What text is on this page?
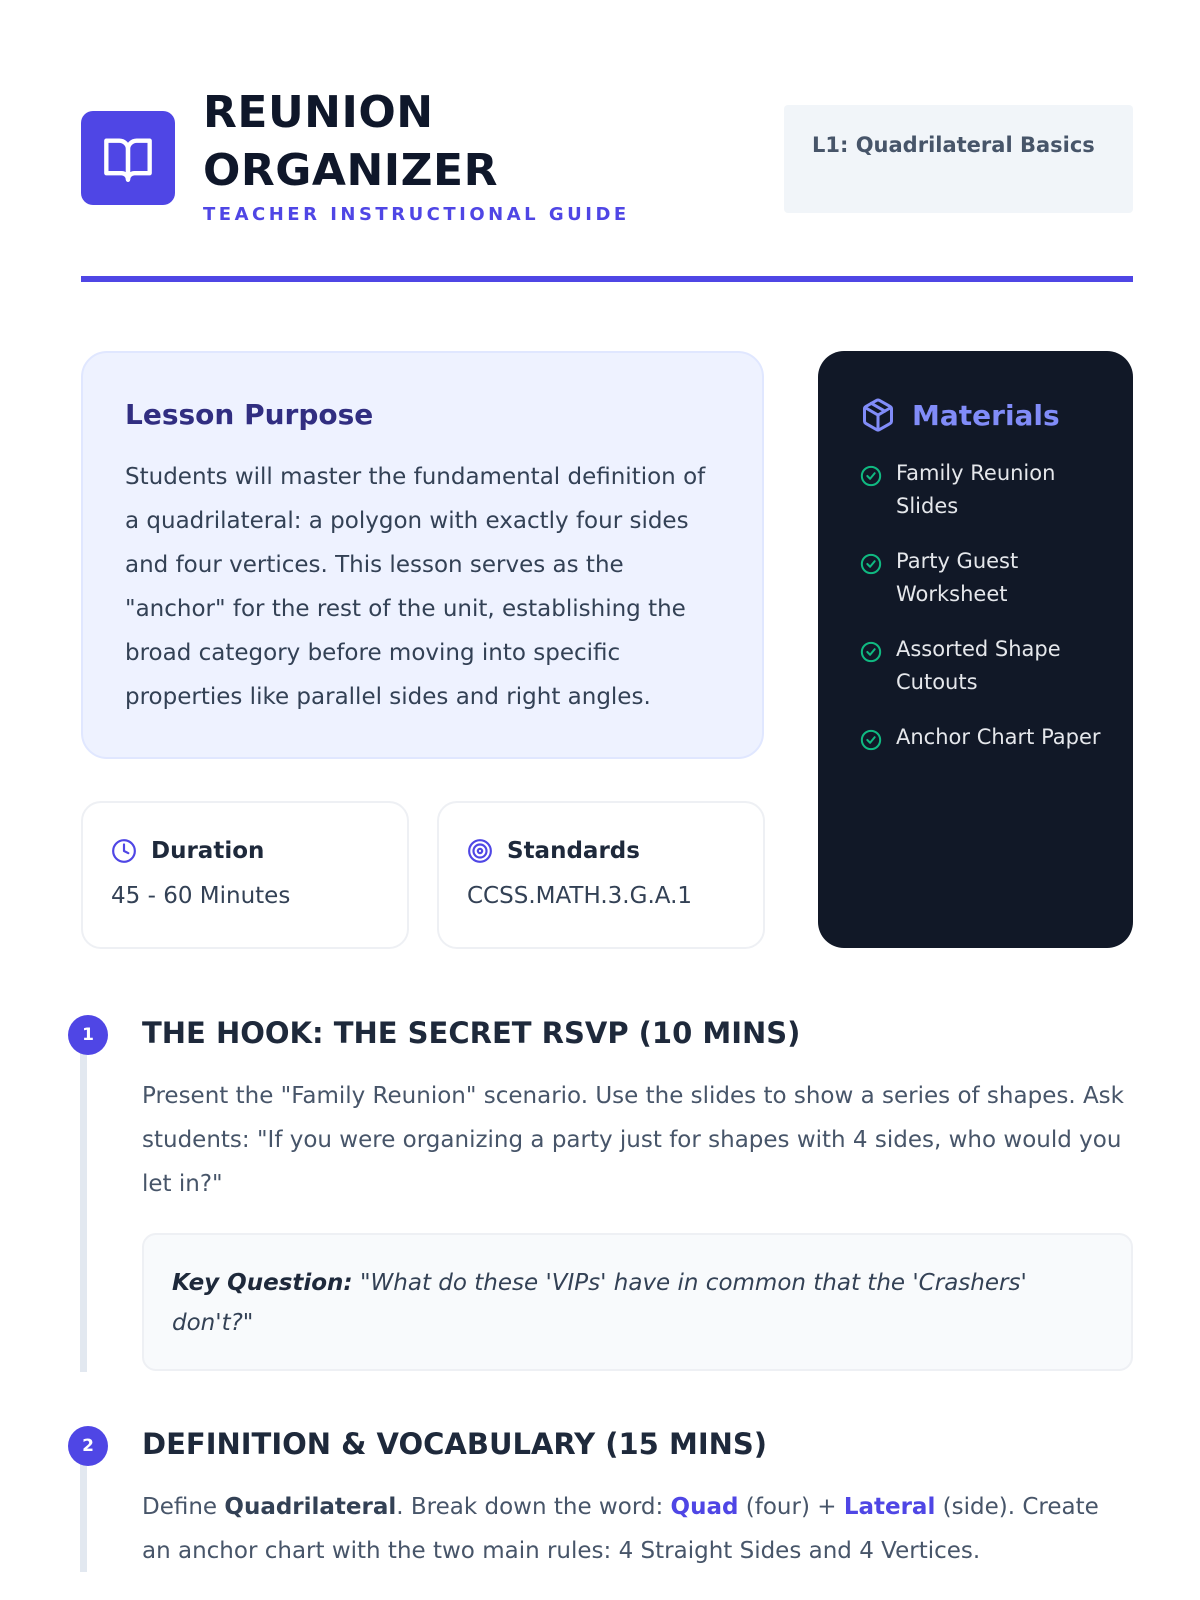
REUNION
ORGANIZER
TEACHER INSTRUCTIONAL GUIDE
L1: Quadrilateral Basics
Lesson Purpose
Students will master the fundamental definition of a quadrilateral: a polygon with exactly four sides and four vertices. This lesson serves as the "anchor" for the rest of the unit, establishing the broad category before moving into specific properties like parallel sides and right angles.
Duration
45 - 60 Minutes
Standards
CCSS.MATH.3.G.A.1
Materials
Family Reunion Slides
Party Guest Worksheet
Assorted Shape Cutouts
Anchor Chart Paper
1	THE HOOK: THE SECRET RSVP (10 MINS)
Present the "Family Reunion" scenario. Use the slides to show a series of shapes. Ask students: "If you were organizing a party just for shapes with 4 sides, who would you let in?"
Key Question: "What do these 'VIPs' have in common that the 'Crashers' don't?"
2	DEFINITION & VOCABULARY (15 MINS)
Define Quadrilateral. Break down the word: Quad (four) + Lateral (side). Create an anchor chart with the two main rules: 4 Straight Sides and 4 Vertices.
